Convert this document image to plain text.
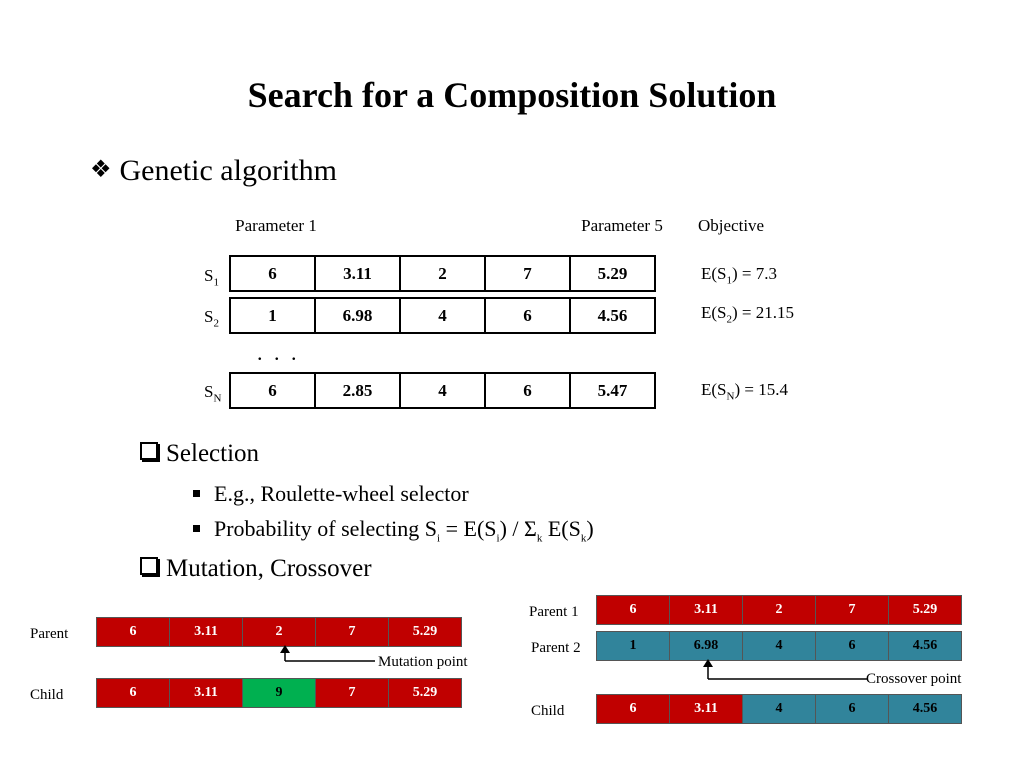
Search for a Composition Solution
❖ Genetic algorithm
Parameter 1	Parameter 5	Objective
$S_1$	6	3.11	2	7	5.29	$E(S_1) = 7.3$
$S_2$	1	6.98	4	6	4.56	$E(S_2) = 21.15$
. . .
$S_N$	6	2.85	4	6	5.47	$E(S_N) = 15.4$
Selection
E.g., Roulette-wheel selector
Probability of selecting $S_i = E(S_i) / \Sigma_k$ $E(S_k)$
Mutation, Crossover
Parent	6	3.11	2	7	5.29
Mutation point
Child	6	3.11	9	7	5.29
Parent 1	6	3.11	2	7	5.29
Parent 2	1	6.98	4	6	4.56
Crossover point
Child	6	3.11	4	6	4.56
